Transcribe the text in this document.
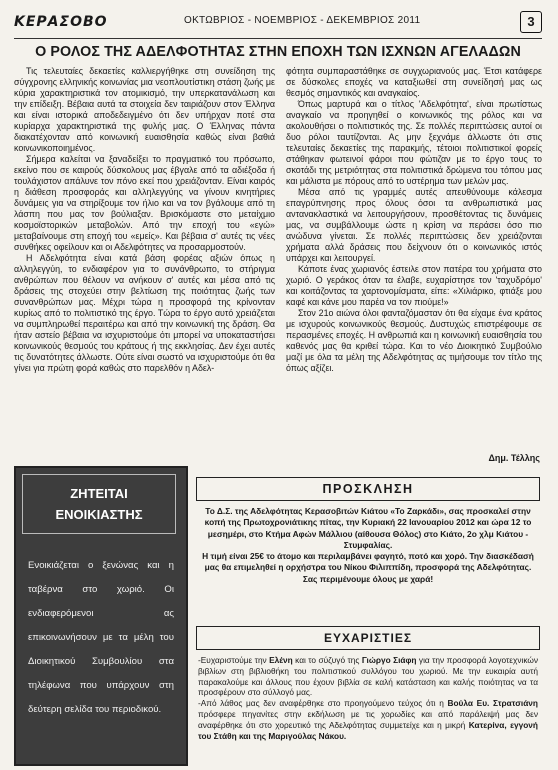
ΚΕΡΑΣΟΒΟ	ΟΚΤΩΒΡΙΟΣ - ΝΟΕΜΒΡΙΟΣ - ΔΕΚΕΜΒΡΙΟΣ 2011	3
Ο ΡΟΛΟΣ ΤΗΣ ΑΔΕΛΦΟΤΗΤΑΣ ΣΤΗΝ ΕΠΟΧΗ ΤΩΝ ΙΣΧΝΩΝ ΑΓΕΛΑΔΩΝ

Τις τελευταίες δεκαετίες καλλιεργήθηκε στη συνείδηση της σύγχρονης ελληνικής κοινωνίας μια νεοπλουτίστικη στάση ζωής με κύρια χαρακτηριστικά τον ατομικισμό, την υπερκατανάλωση και την επίδειξη. Βέβαια αυτά τα στοιχεία δεν ταιριάζουν στον Έλληνα και είναι ιστορικά αποδεδειγμένο ότι δεν υπήρχαν ποτέ στα κυρίαρχα χαρακτηριστικά της φυλής μας. Ο Έλληνας πάντα διακατέχονταν από κοινωνική ευαισθησία καθώς είναι βαθιά κοινωνικοποιημένος.

Σήμερα καλείται να ξαναδείξει το πραγματικό του πρόσωπο, εκείνο που σε καιρούς δύσκολους μας έβγαλε από τα αδιέξοδα ή τουλάχιστον απάλυνε τον πόνο εκεί που χρειάζονταν. Είναι καιρός η διάθεση προσφοράς και αλληλεγγύης να γίνουν κινητήριες δυνάμεις για να στηρίξουμε τον ήλιο και να τον βγάλουμε από τη λάσπη που μας τον βούλιαξαν. Βρισκόμαστε στο μεταίχμιο κοσμοϊστορικών μεταβολών. Από την εποχή του «εγώ» μεταβαίνουμε στη εποχή του «εμείς». Και βέβαια σ' αυτές τις νέες συνθήκες οφείλουν και οι Αδελφότητες να προσαρμοστούν.

Η Αδελφότητα είναι κατά βάση φορέας αξιών όπως η αλληλεγγύη, το ενδιαφέρον για το συνάνθρωπο, το στήριγμα ανθρώπων που θέλουν να ανήκουν σ' αυτές και μέσα από τις δράσεις της στοχεύει στην βελτίωση της ποιότητας ζωής των συνανθρώπων μας. Μέχρι τώρα η προσφορά της κρίνονταν κυρίως από το πολιτιστικό της έργο. Τώρα το έργο αυτό χρειάζεται να συμπληρωθεί περαιτέρω και από την κοινωνική της δράση. Θα ήταν αστείο βέβαια να ισχυριστούμε ότι μπορεί να υποκαταστήσει κοινωνικούς θεσμούς του κράτους ή της εκκλησίας. Δεν έχει αυτές τις δυνατότητες άλλωστε. Ούτε είναι σωστό να ισχυριστούμε ότι θα γίνει για πρώτη φορά καθώς στο παρελθόν η Αδελ-

φότητα συμπαραστάθηκε σε συγχωριανούς μας. Έτσι κατάφερε σε δύσκολες εποχές να καταξιωθεί στη συνείδησή μας ως θεσμός σημαντικός και αναγκαίος.

Όπως μαρτυρά και ο τίτλος 'Αδελφότητα', είναι πρωτίστως αναγκαίο να προηγηθεί ο κοινωνικός της ρόλος και να ακολουθήσει ο πολιτιστικός της. Σε πολλές περιπτώσεις αυτοί οι δυο ρόλοι ταυτίζονται. Ας μην ξεχνάμε άλλωστε ότι στις τελευταίες δεκαετίες της παρακμής, τέτοιοι πολιτιστικοί φορείς στάθηκαν φωτεινοί φάροι που φώτιζαν με το έργο τους το σκοτάδι της μετριότητας στα πολιτιστικά δρώμενα του τόπου μας και μάλιστα με πόρους από το υστέρημα των μελών μας.

Μέσα από τις γραμμές αυτές απευθύνουμε κάλεσμα επαγρύπνησης προς όλους όσοι τα ανθρωπιστικά μας αντανακλαστικά να λειτουργήσουν, προσθέτοντας τις δυνάμεις μας, να συμβάλλουμε ώστε η κρίση να περάσει όσο πιο ανώδυνα γίνεται. Σε πολλές περιπτώσεις δεν χρειάζονται χρήματα αλλά δράσεις που δείχνουν ότι ο κοινωνικός ιστός υπάρχει και λειτουργεί.

Κάποτε ένας χωριανός έστειλε στον πατέρα του χρήματα στο χωριό. Ο γεράκος όταν τα έλαβε, ευχαρίστησε τον 'ταχυδρόμο' και κοιτάζοντας τα χαρτονομίσματα, είπε: «Χιλιάρικο, φτιάξε μου καφέ και κάνε μου παρέα να τον πιούμε!»

Στον 21ο αιώνα όλοι φανταζόμασταν ότι θα είχαμε ένα κράτος με ισχυρούς κοινωνικούς θεσμούς. Δυστυχώς επιστρέφουμε σε περασμένες εποχές. Η ανθρωπιά και η κοινωνική ευαισθησία του καθενός μας θα κριθεί τώρα. Και το νέο Διοικητικό Συμβούλιο μαζί με όλα τα μέλη της Αδελφότητας ας τιμήσουμε τον τίτλο της όπως αξίζει.

Δημ. Τέλλης
ΖΗΤΕΙΤΑΙ
ΕΝΟΙΚΙΑΣΤΗΣ
Ενοικιάζεται ο ξενώνας και η ταβέρνα στο χωριό. Οι ενδιαφερόμενοι ας επικοινωνήσουν με τα μέλη του Διοικητικού Συμβουλίου στα τηλέφωνα που υπάρχουν στη δεύτερη σελίδα του περιοδικού.
ΠΡΟΣΚΛΗΣΗ

Το Δ.Σ. της Αδελφότητας Κερασοβιτών Κιάτου «Το Ζαρκάδι», σας προσκαλεί στην κοπή της Πρωτοχρονιάτικης πίτας, την Κυριακή 22 Ιανουαρίου 2012 και ώρα 12 το μεσημέρι, στο Κτήμα Αφών Μάλλιου (αίθουσα Θόλος) στο Κιάτο, 2ο χλμ Κιάτου - Στυμφαλίας.

Η τιμή είναι 25€ το άτομο και περιλαμβάνει φαγητό, ποτό και χορό. Την διασκέδασή μας θα επιμεληθεί η ορχήστρα του Νίκου Φιλιππίδη, προσφορά της Αδελφότητας.

Σας περιμένουμε όλους με χαρά!

ΕΥΧΑΡΙΣΤΙΕΣ

-Ευχαριστούμε την Ελένη και το σύζυγό της Γιώργο Σιάφη για την προσφορά λογοτεχνικών βιβλίων στη βιβλιοθήκη του πολιτιστικού συλλόγου του χωριού. Με την ευκαιρία αυτή παρακαλούμε και άλλους που έχουν βιβλία σε καλή κατάσταση και καλής ποιότητας να τα προσφέρουν στο σύλλογό μας.

-Από λάθος μας δεν αναφέρθηκε στο προηγούμενο τεύχος ότι η Βούλα Ευ. Στρατσιάνη πρόσφερε πηγανίτες στην εκδήλωση με τις χορωδίες και από παράλειψή μας δεν αναφέρθηκε ότι στο χορευτικό της Αδελφότητας συμμετείχε και η μικρή Κατερίνα, εγγονή του Στάθη και της Μαριγούλας Νάκου.
